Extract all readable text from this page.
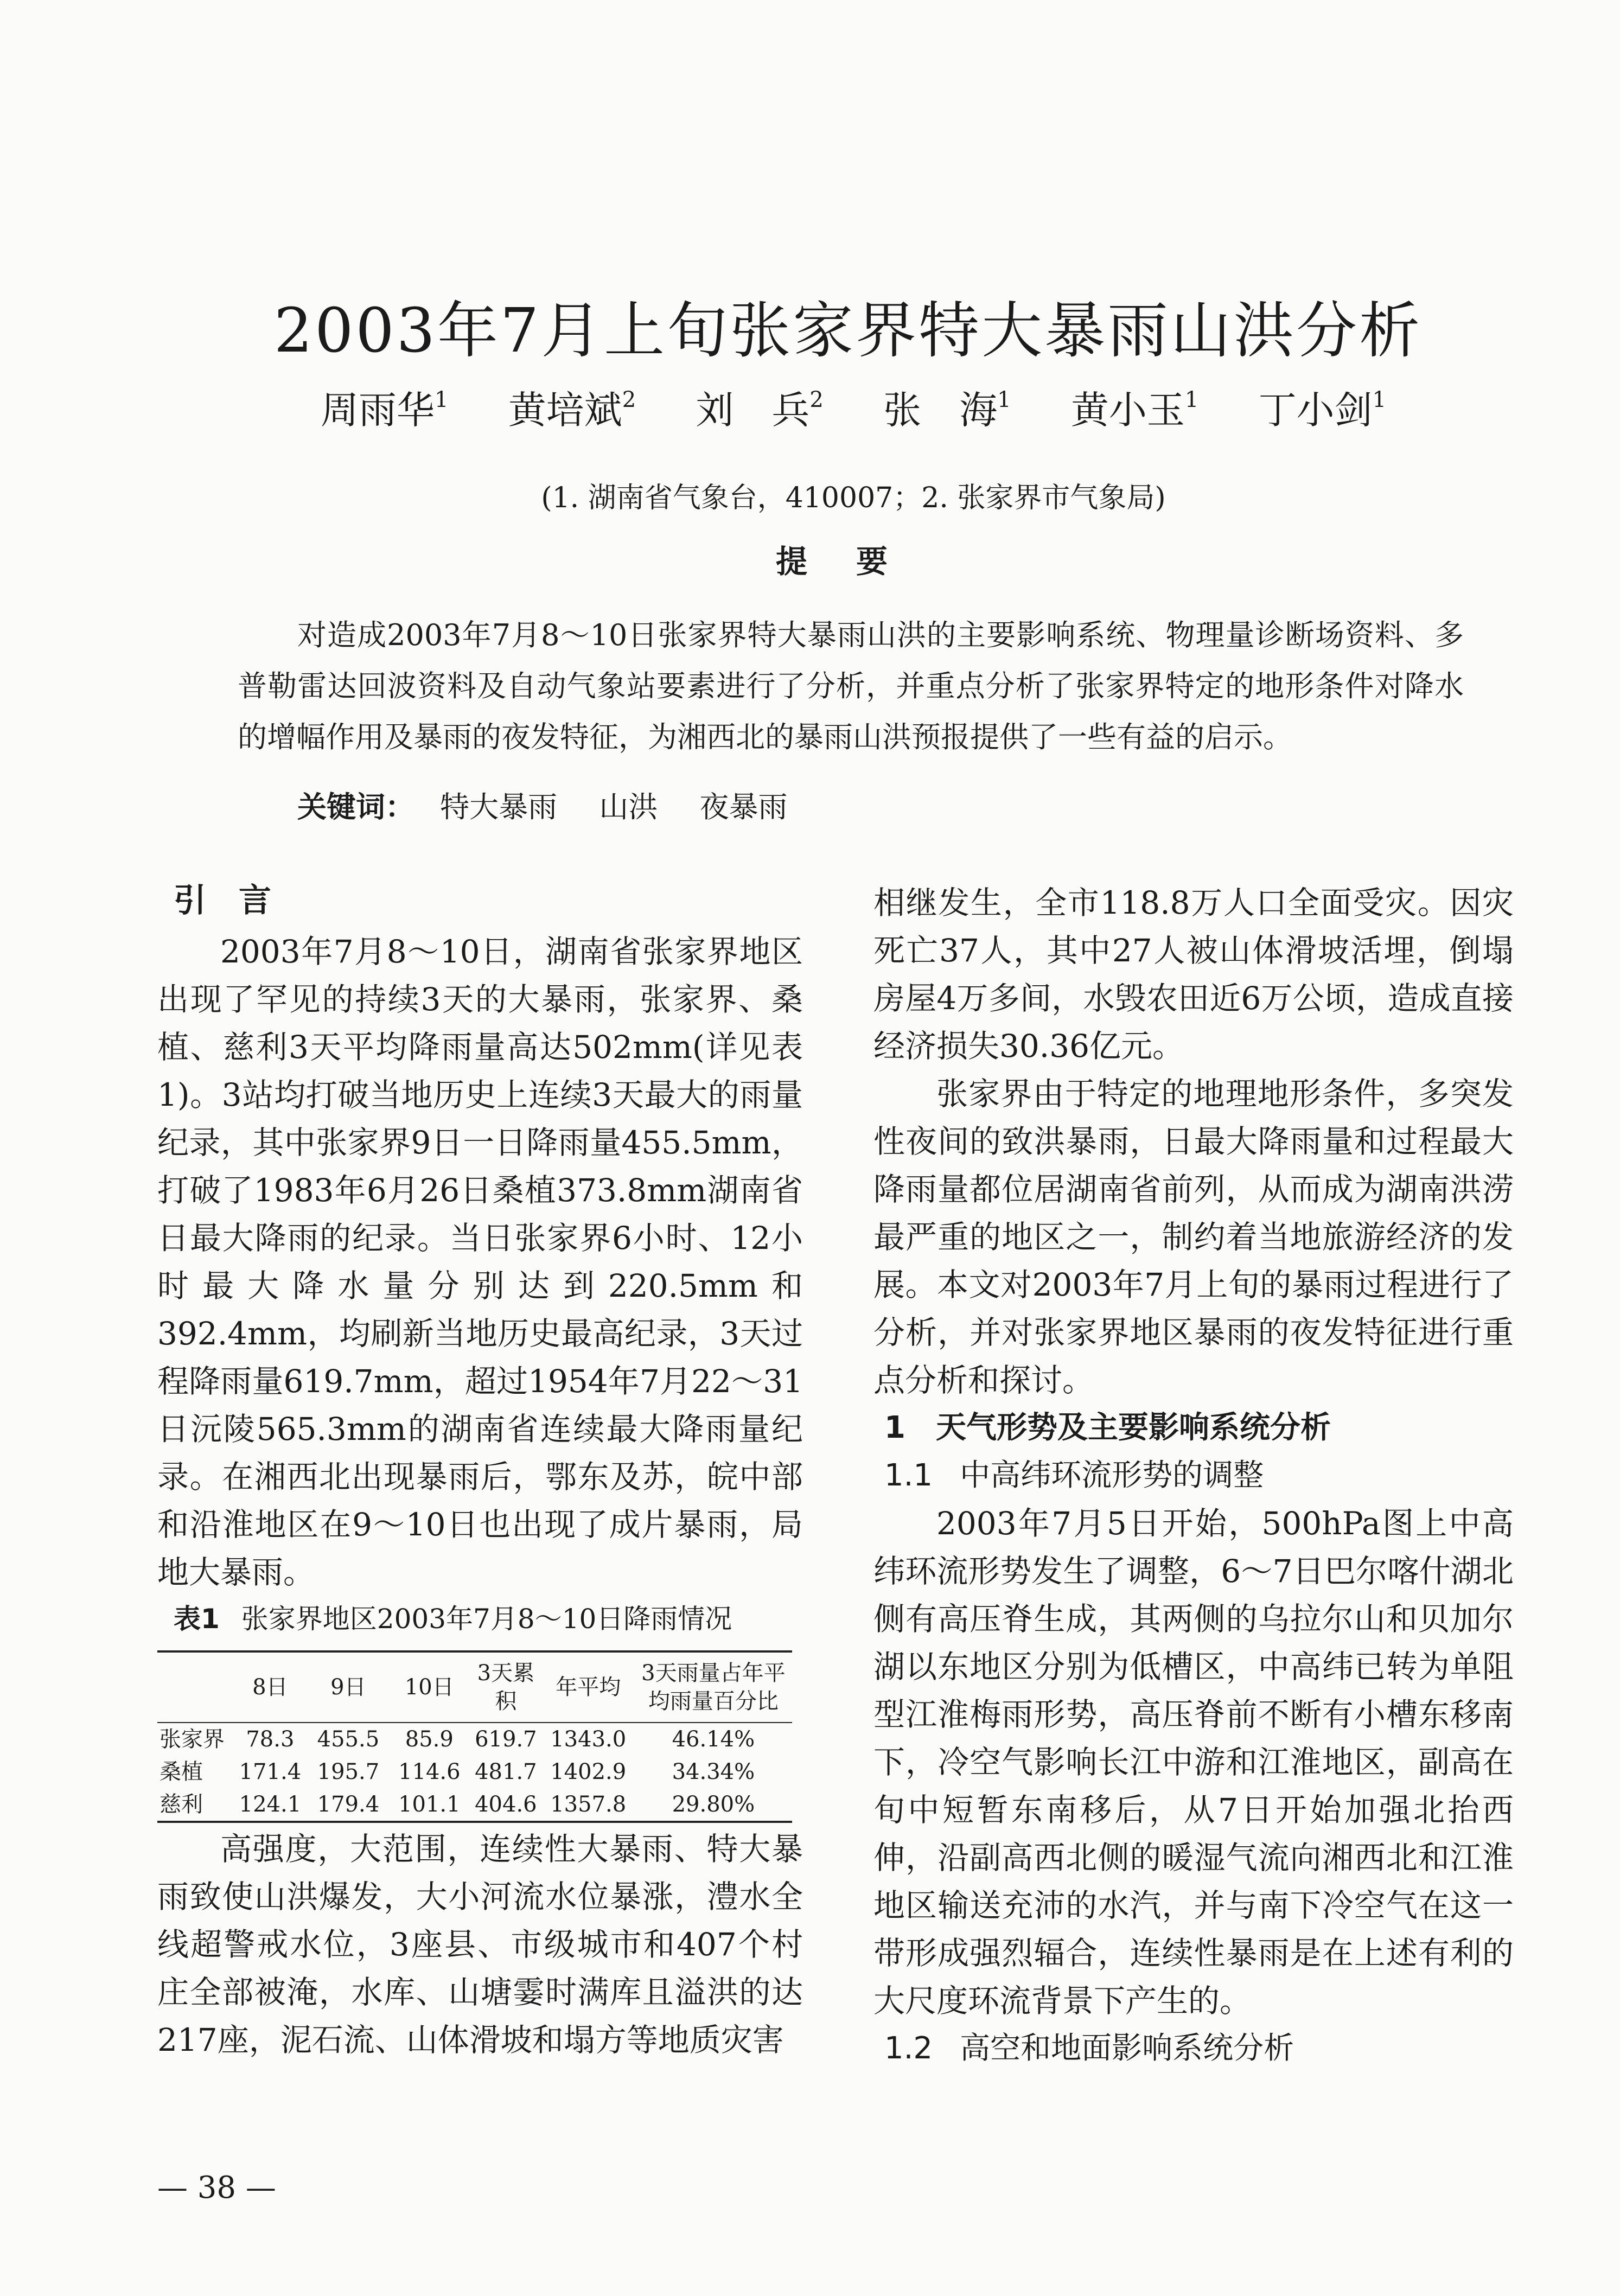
2003年7月上旬张家界特大暴雨山洪分析
周雨华$^1$ 黄培斌$^2$ 刘　兵$^2$ 张　海$^1$ 黄小玉$^1$ 丁小剑$^1$
(1. 湖南省气象台，410007；2. 张家界市气象局)
提要

对造成2003年7月8～10日张家界特大暴雨山洪的主要影响系统、物理量诊断场资料、多普勒雷达回波资料及自动气象站要素进行了分析，并重点分析了张家界特定的地形条件对降水的增幅作用及暴雨的夜发特征，为湘西北的暴雨山洪预报提供了一些有益的启示。

关键词： 特大暴雨 山洪 夜暴雨
引言

2003年7月8～10日，湖南省张家界地区出现了罕见的持续3天的大暴雨，张家界、桑植、慈利3天平均降雨量高达502mm(详见表1)。3站均打破当地历史上连续3天最大的雨量纪录，其中张家界9日一日降雨量455.5mm，打破了1983年6月26日桑植373.8mm湖南省日最大降雨的纪录。当日张家界6小时、12小时最大降水量分别达到220.5mm和392.4mm，均刷新当地历史最高纪录，3天过程降雨量619.7mm，超过1954年7月22～31日沅陵565.3mm的湖南省连续最大降雨量纪录。在湘西北出现暴雨后，鄂东及苏，皖中部和沿淮地区在9～10日也出现了成片暴雨，局地大暴雨。

表1 张家界地区2003年7月8～10日降雨情况
	8日	9日	10日	3天累积	年平均	3天雨量占年平均雨量百分比
张家界	78.3	455.5	85.9	619.7	1343.0	46.14%
桑植	171.4	195.7	114.6	481.7	1402.9	34.34%
慈利	124.1	179.4	101.1	404.6	1357.8	29.80%

高强度，大范围，连续性大暴雨、特大暴雨致使山洪爆发，大小河流水位暴涨，澧水全线超警戒水位，3座县、市级城市和407个村庄全部被淹，水库、山塘霎时满库且溢洪的达217座，泥石流、山体滑坡和塌方等地质灾害

相继发生，全市118.8万人口全面受灾。因灾死亡37人，其中27人被山体滑坡活埋，倒塌房屋4万多间，水毁农田近6万公顷，造成直接经济损失30.36亿元。

张家界由于特定的地理地形条件，多突发性夜间的致洪暴雨，日最大降雨量和过程最大降雨量都位居湖南省前列，从而成为湖南洪涝最严重的地区之一，制约着当地旅游经济的发展。本文对2003年7月上旬的暴雨过程进行了分析，并对张家界地区暴雨的夜发特征进行重点分析和探讨。

1　天气形势及主要影响系统分析
1.1 中高纬环流形势的调整

2003年7月5日开始，500hPa图上中高纬环流形势发生了调整，6～7日巴尔喀什湖北侧有高压脊生成，其两侧的乌拉尔山和贝加尔湖以东地区分别为低槽区，中高纬已转为单阻型江淮梅雨形势，高压脊前不断有小槽东移南下，冷空气影响长江中游和江淮地区，副高在旬中短暂东南移后，从7日开始加强北抬西伸，沿副高西北侧的暖湿气流向湘西北和江淮地区输送充沛的水汽，并与南下冷空气在这一带形成强烈辐合，连续性暴雨是在上述有利的大尺度环流背景下产生的。

1.2 高空和地面影响系统分析
— 38 —
